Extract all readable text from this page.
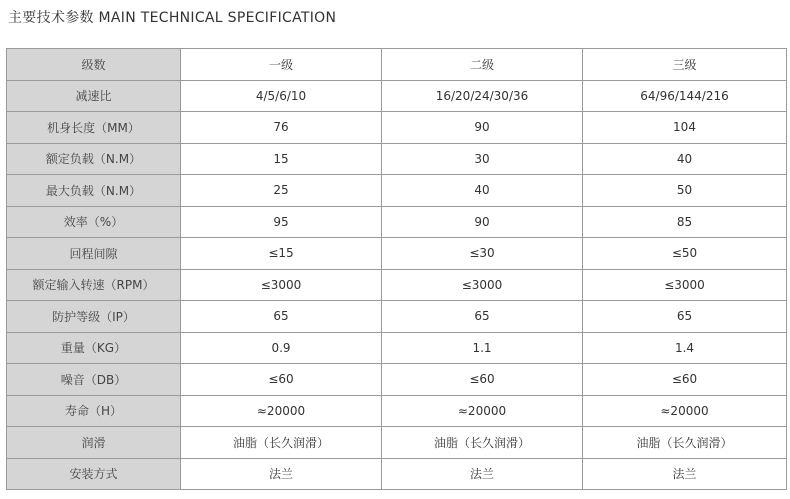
主要技术参数 MAIN TECHNICAL SPECIFICATION
级数	一级	二级	三级
减速比	4/5/6/10	16/20/24/30/36	64/96/144/216
机身长度（MM）	76	90	104
额定负载（N.M）	15	30	40
最大负载（N.M）	25	40	50
效率（%）	95	90	85
回程间隙	≤15	≤30	≤50
额定输入转速（RPM）	≤3000	≤3000	≤3000
防护等级（IP）	65	65	65
重量（KG）	0.9	1.1	1.4
噪音（DB）	≤60	≤60	≤60
寿命（H）	≈20000	≈20000	≈20000
润滑	油脂（长久润滑）	油脂（长久润滑）	油脂（长久润滑）
安装方式	法兰	法兰	法兰
